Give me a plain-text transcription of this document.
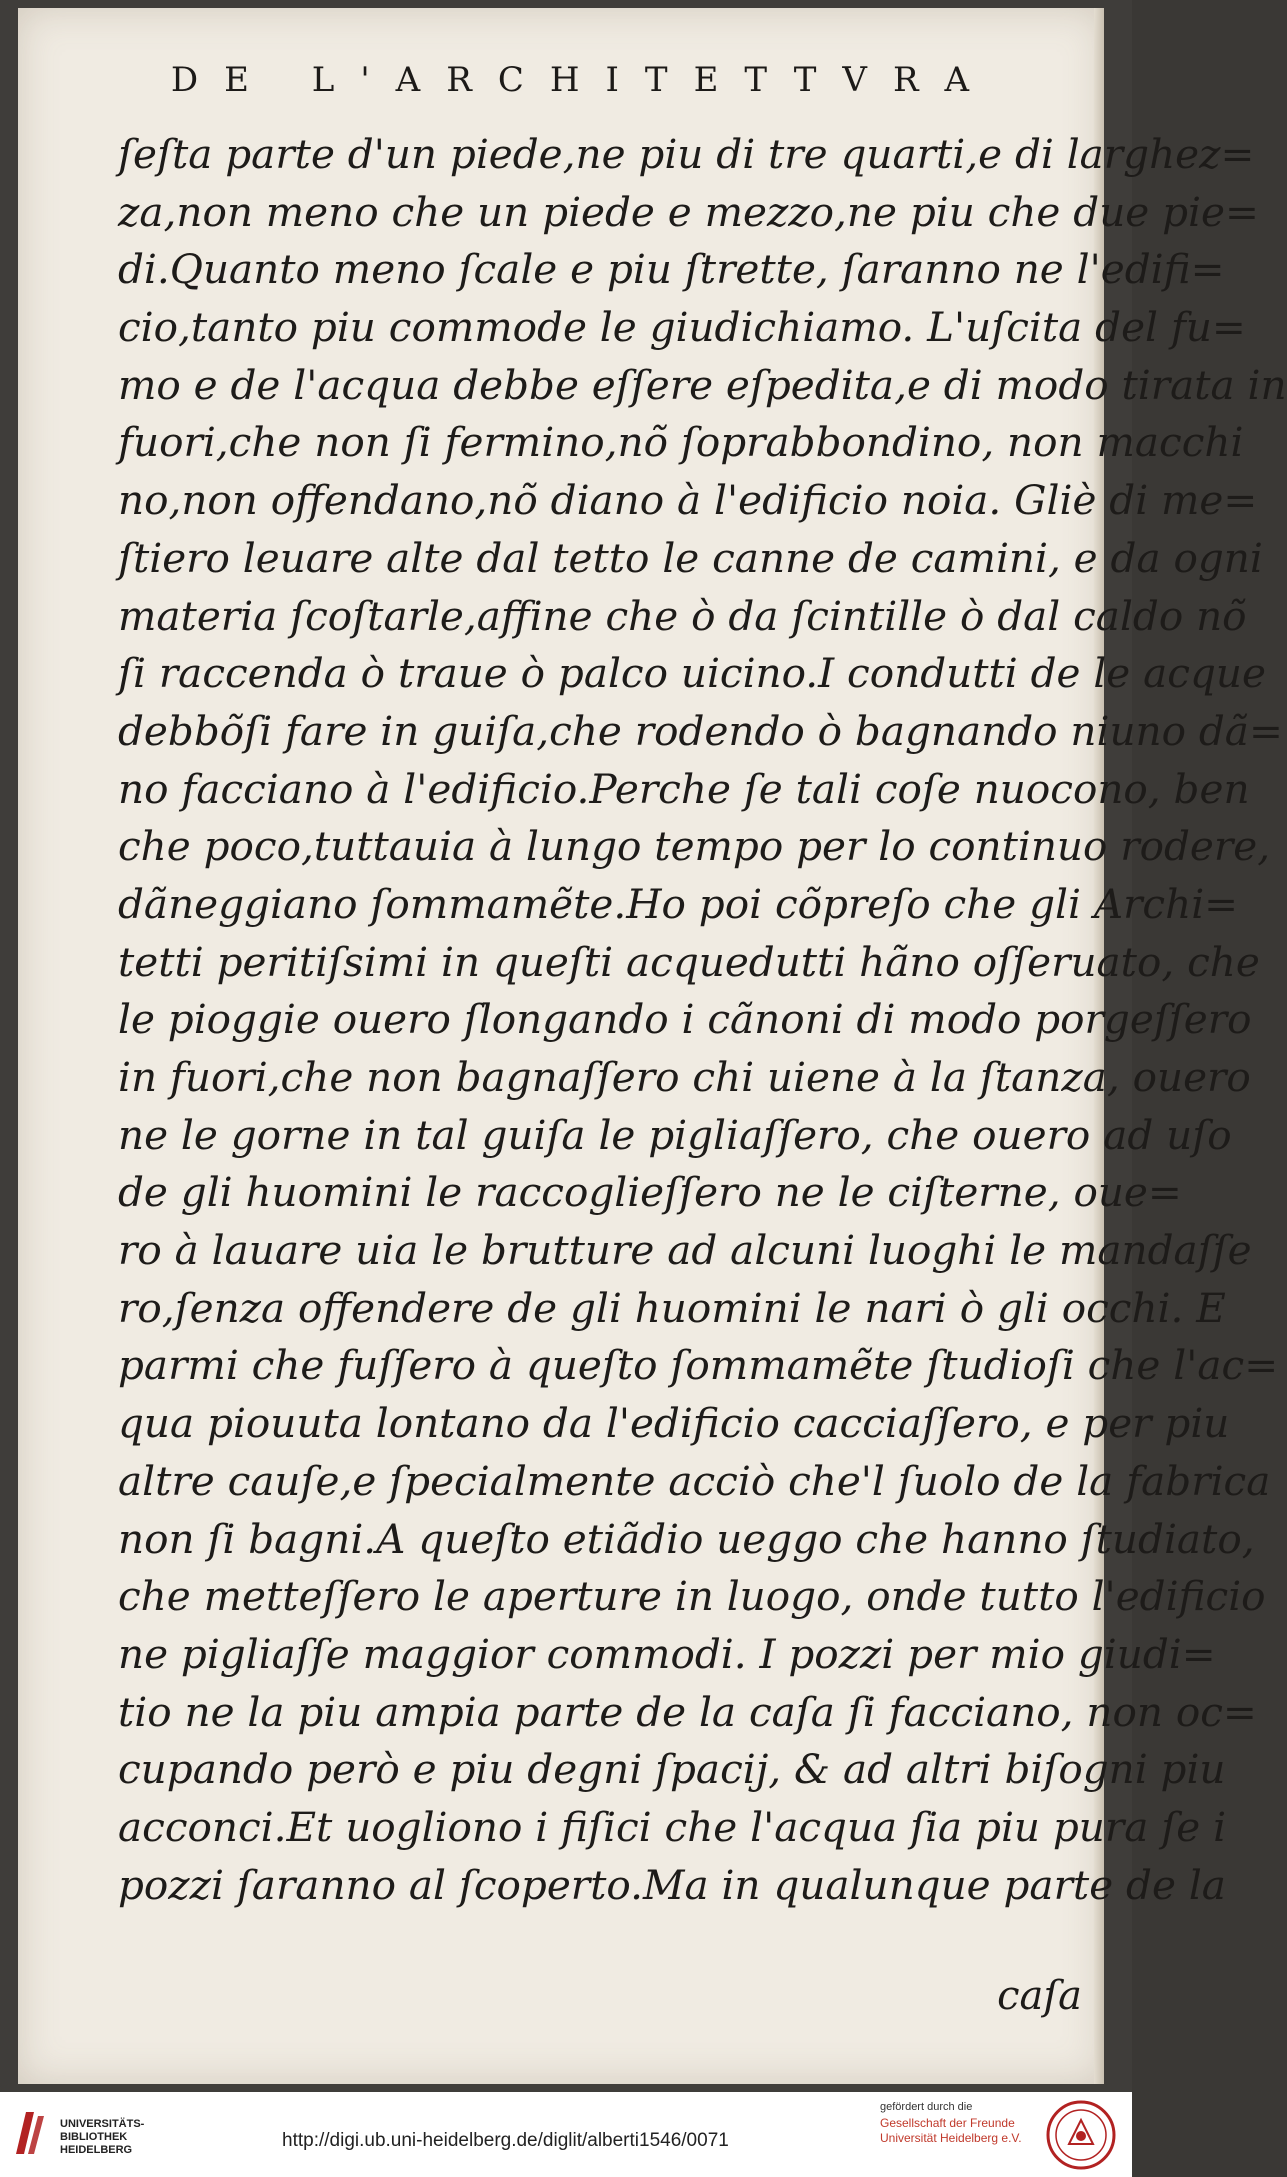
DE L'ARCHITETTVRA
ſeſta parte d'un piede,ne piu di tre quarti,e di larghez=
za,non meno che un piede e mezzo,ne piu che due pie=
di.Quanto meno ſcale e piu ſtrette, ſaranno ne l'edifi=
cio,tanto piu commode le giudichiamo. L'uſcita del fu=
mo e de l'acqua debbe eſſere eſpedita,e di modo tirata in
fuori,che non ſi fermino,nõ ſoprabbondino, non macchi
no,non offendano,nõ diano à l'edificio noia. Gliè di me=
ſtiero leuare alte dal tetto le canne de camini, e da ogni
materia ſcoſtarle,affine che ò da ſcintille ò dal caldo nõ
ſi raccenda ò traue ò palco uicino.I condutti de le acque
debbõſi fare in guiſa,che rodendo ò bagnando niuno dã=
no facciano à l'edificio.Perche ſe tali coſe nuocono, ben
che poco,tuttauia à lungo tempo per lo continuo rodere,
dãneggiano ſommamẽte.Ho poi cõpreſo che gli Archi=
tetti peritiſsimi in queſti acquedutti hãno oſſeruato, che
le pioggie ouero ſlongando i cãnoni di modo porgeſſero
in fuori,che non bagnaſſero chi uiene à la ſtanza, ouero
ne le gorne in tal guiſa le pigliaſſero, che ouero ad uſo
de gli huomini le raccoglieſſero ne le ciſterne, oue=
ro à lauare uia le brutture ad alcuni luoghi le mandaſſe
ro,ſenza offendere de gli huomini le nari ò gli occhi. E
parmi che fuſſero à queſto ſommamẽte ſtudioſi che l'ac=
qua piouuta lontano da l'edificio cacciaſſero, e per piu
altre cauſe,e ſpecialmente acciò che'l ſuolo de la fabrica
non ſi bagni.A queſto etiãdio ueggo che hanno ſtudiato,
che metteſſero le aperture in luogo, onde tutto l'edificio
ne pigliaſſe maggior commodi. I pozzi per mio giudi=
tio ne la piu ampia parte de la caſa ſi facciano, non oc=
cupando però e piu degni ſpacij, & ad altri biſogni piu
acconci.Et uogliono i fiſici che l'acqua ſia piu pura ſe i
pozzi ſaranno al ſcoperto.Ma in qualunque parte de la
caſa
UNIVERSITÄTS-
BIBLIOTHEK
HEIDELBERG	http://digi.ub.uni-heidelberg.de/diglit/alberti1546/0071
gefördert durch die
Gesellschaft der Freunde
Universität Heidelberg e.V.
